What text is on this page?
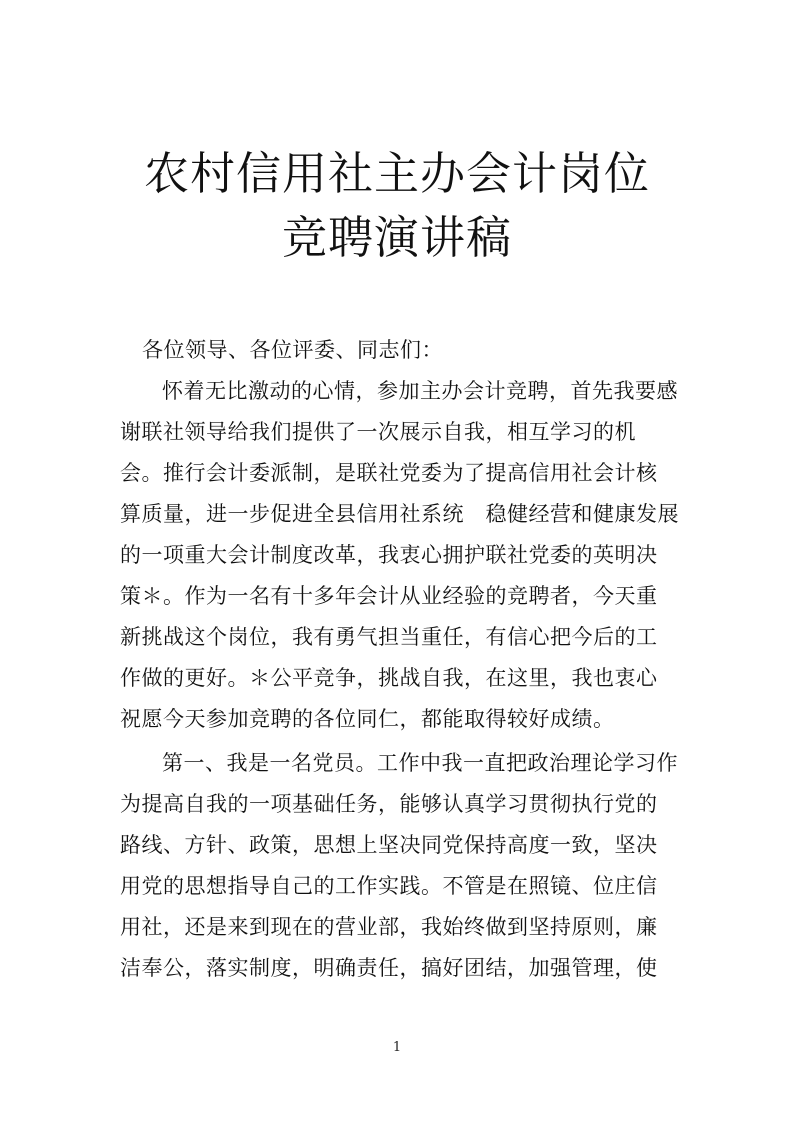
农村信用社主办会计岗位
竞聘演讲稿

各位领导、各位评委、同志们：

怀着无比激动的心情，参加主办会计竞聘，首先我要感

谢联社领导给我们提供了一次展示自我，相互学习的机

会。推行会计委派制，是联社党委为了提高信用社会计核

算质量，进一步促进全县信用社系统　稳健经营和健康发展

的一项重大会计制度改革，我衷心拥护联社党委的英明决

策＊。作为一名有十多年会计从业经验的竞聘者，今天重

新挑战这个岗位，我有勇气担当重任，有信心把今后的工

作做的更好。＊公平竞争，挑战自我，在这里，我也衷心

祝愿今天参加竞聘的各位同仁，都能取得较好成绩。

第一、我是一名党员。工作中我一直把政治理论学习作

为提高自我的一项基础任务，能够认真学习贯彻执行党的

路线、方针、政策，思想上坚决同党保持高度一致，坚决

用党的思想指导自己的工作实践。不管是在照镜、位庄信

用社，还是来到现在的营业部，我始终做到坚持原则，廉

洁奉公，落实制度，明确责任，搞好团结，加强管理，使

1
